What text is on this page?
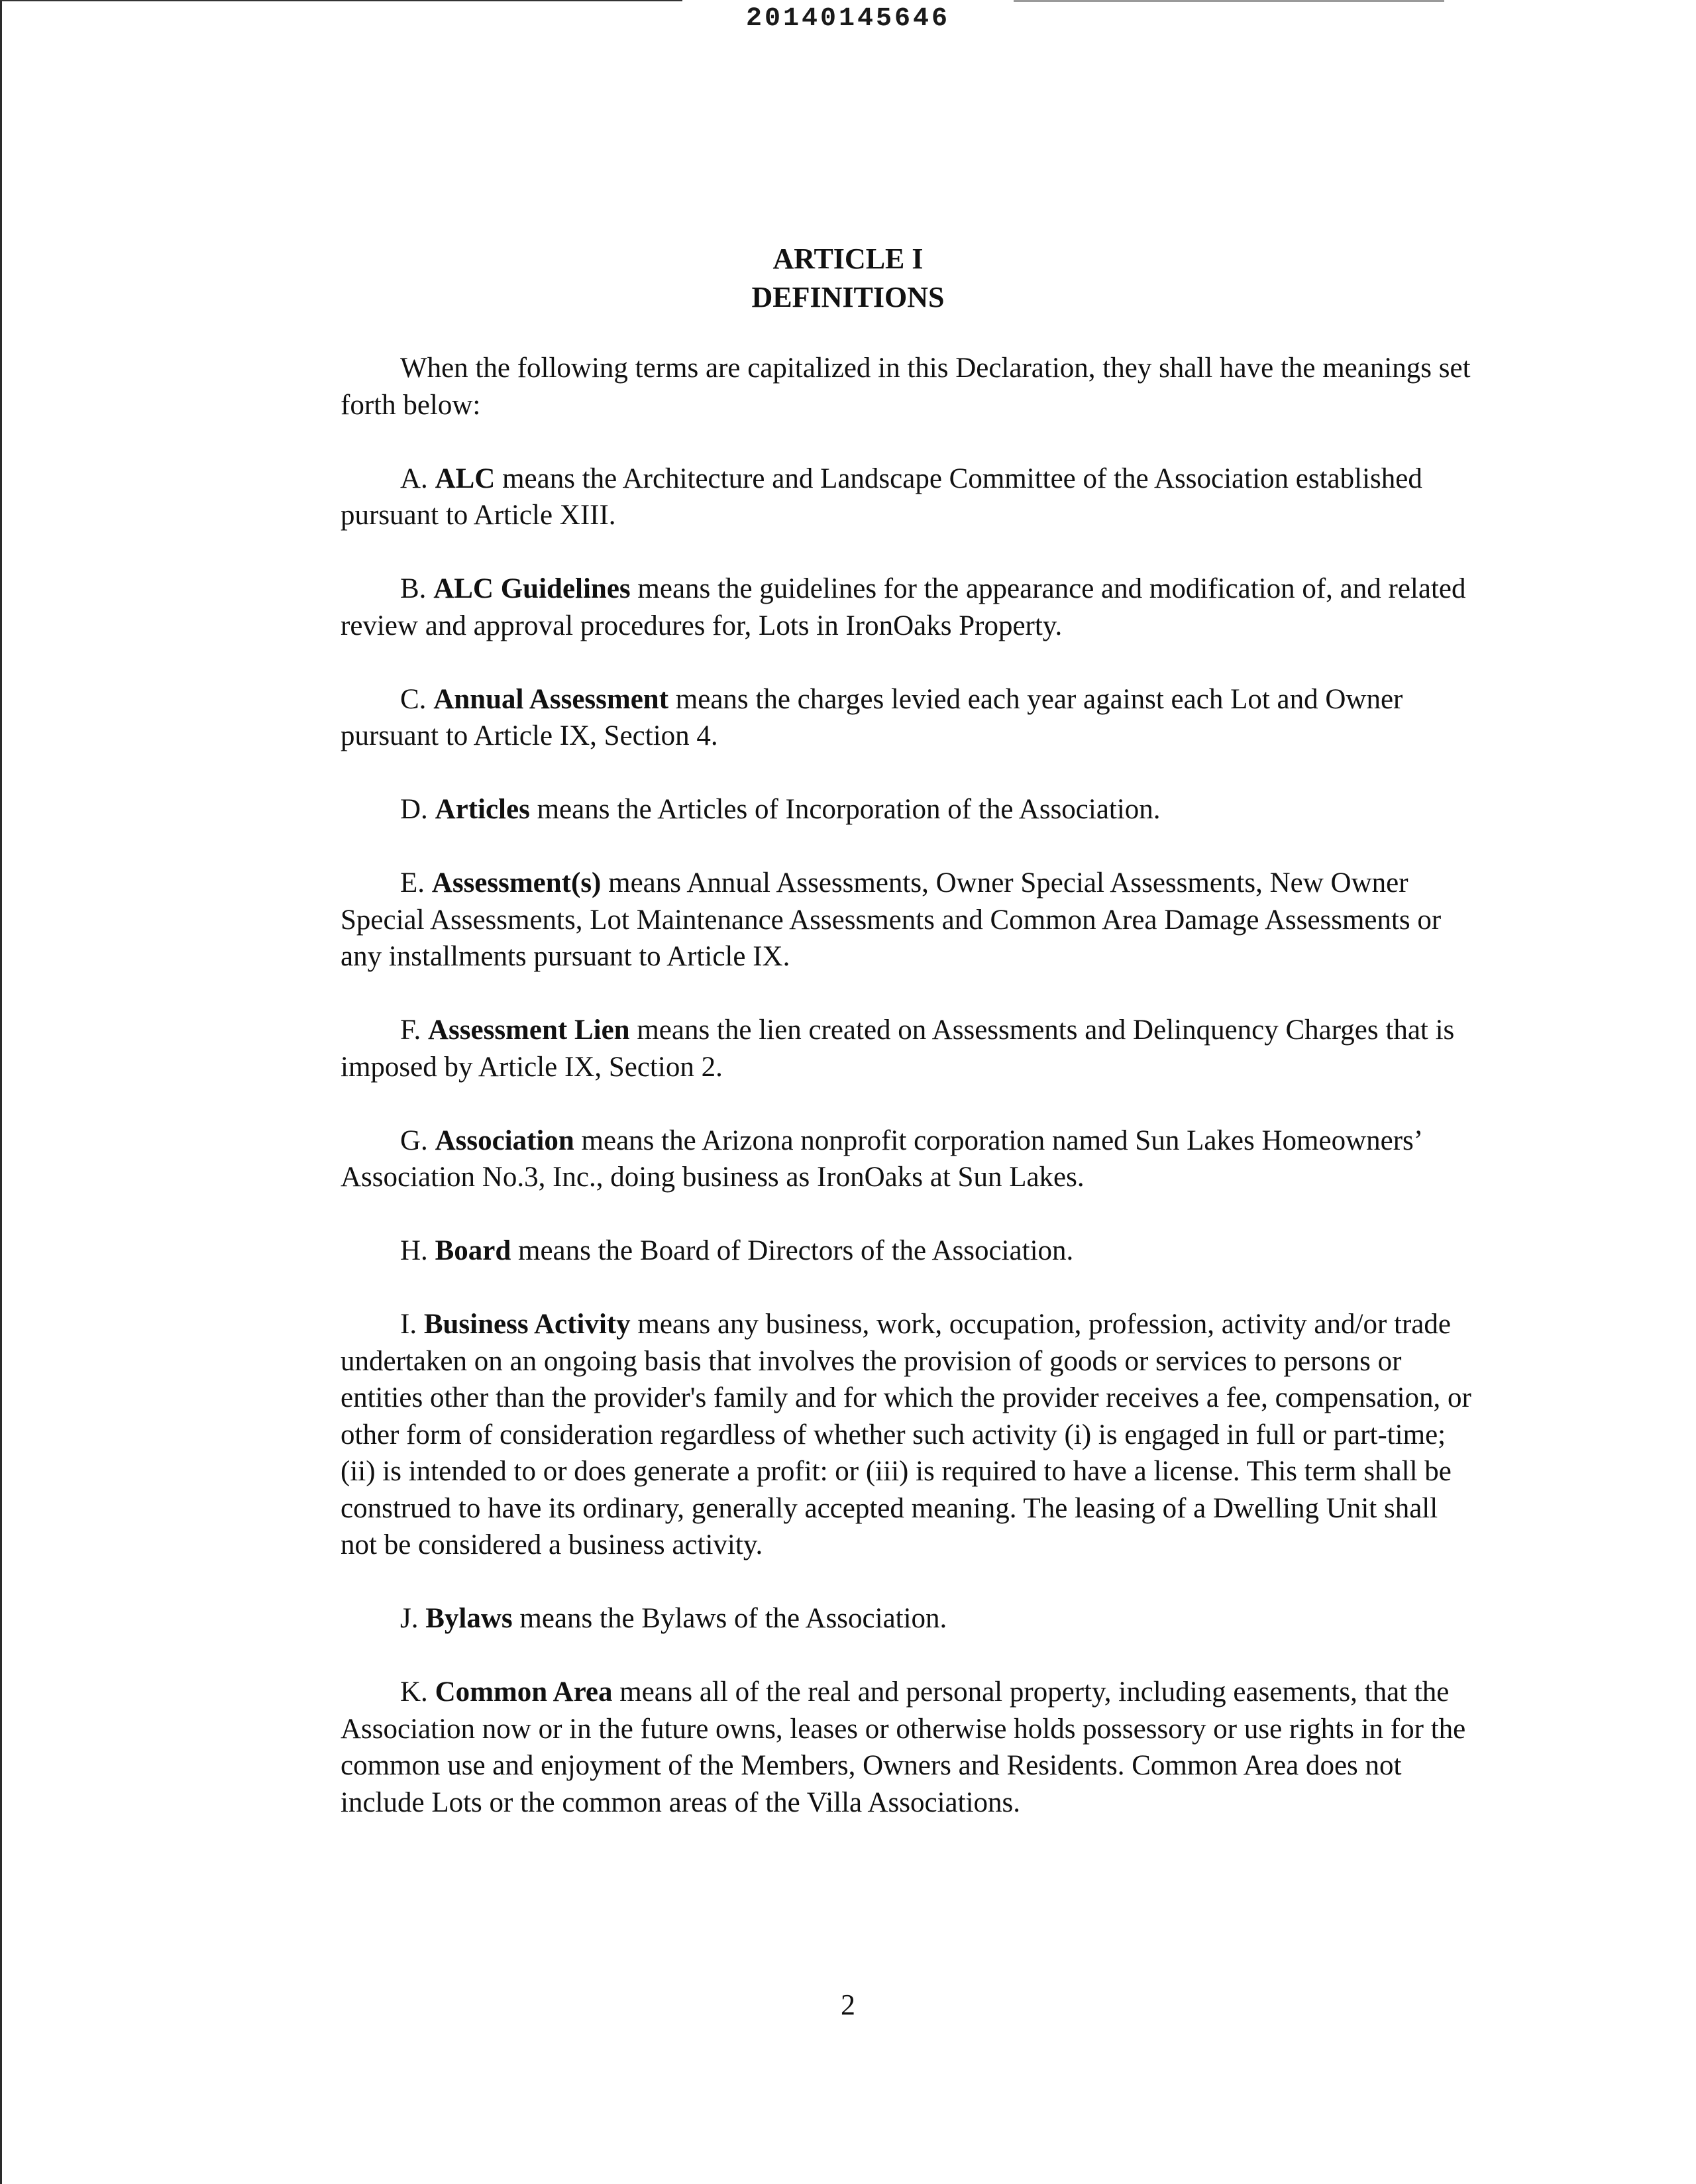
20140145646
ARTICLE I
DEFINITIONS

When the following terms are capitalized in this Declaration, they shall have the meanings set forth below:

A. ALC means the Architecture and Landscape Committee of the Association established pursuant to Article XIII.

B. ALC Guidelines means the guidelines for the appearance and modification of, and related review and approval procedures for, Lots in IronOaks Property.

C. Annual Assessment means the charges levied each year against each Lot and Owner pursuant to Article IX, Section 4.

D. Articles means the Articles of Incorporation of the Association.

E. Assessment(s) means Annual Assessments, Owner Special Assessments, New Owner Special Assessments, Lot Maintenance Assessments and Common Area Damage Assessments or any installments pursuant to Article IX.

F. Assessment Lien means the lien created on Assessments and Delinquency Charges that is imposed by Article IX, Section 2.

G. Association means the Arizona nonprofit corporation named Sun Lakes Homeowners’ Association No.3, Inc., doing business as IronOaks at Sun Lakes.

H. Board means the Board of Directors of the Association.

I. Business Activity means any business, work, occupation, profession, activity and/or trade undertaken on an ongoing basis that involves the provision of goods or services to persons or entities other than the provider's family and for which the provider receives a fee, compensation, or other form of consideration regardless of whether such activity (i) is engaged in full or part-time; (ii) is intended to or does generate a profit: or (iii) is required to have a license. This term shall be construed to have its ordinary, generally accepted meaning. The leasing of a Dwelling Unit shall not be considered a business activity.

J. Bylaws means the Bylaws of the Association.

K. Common Area means all of the real and personal property, including easements, that the Association now or in the future owns, leases or otherwise holds possessory or use rights in for the common use and enjoyment of the Members, Owners and Residents. Common Area does not include Lots or the common areas of the Villa Associations.

2
